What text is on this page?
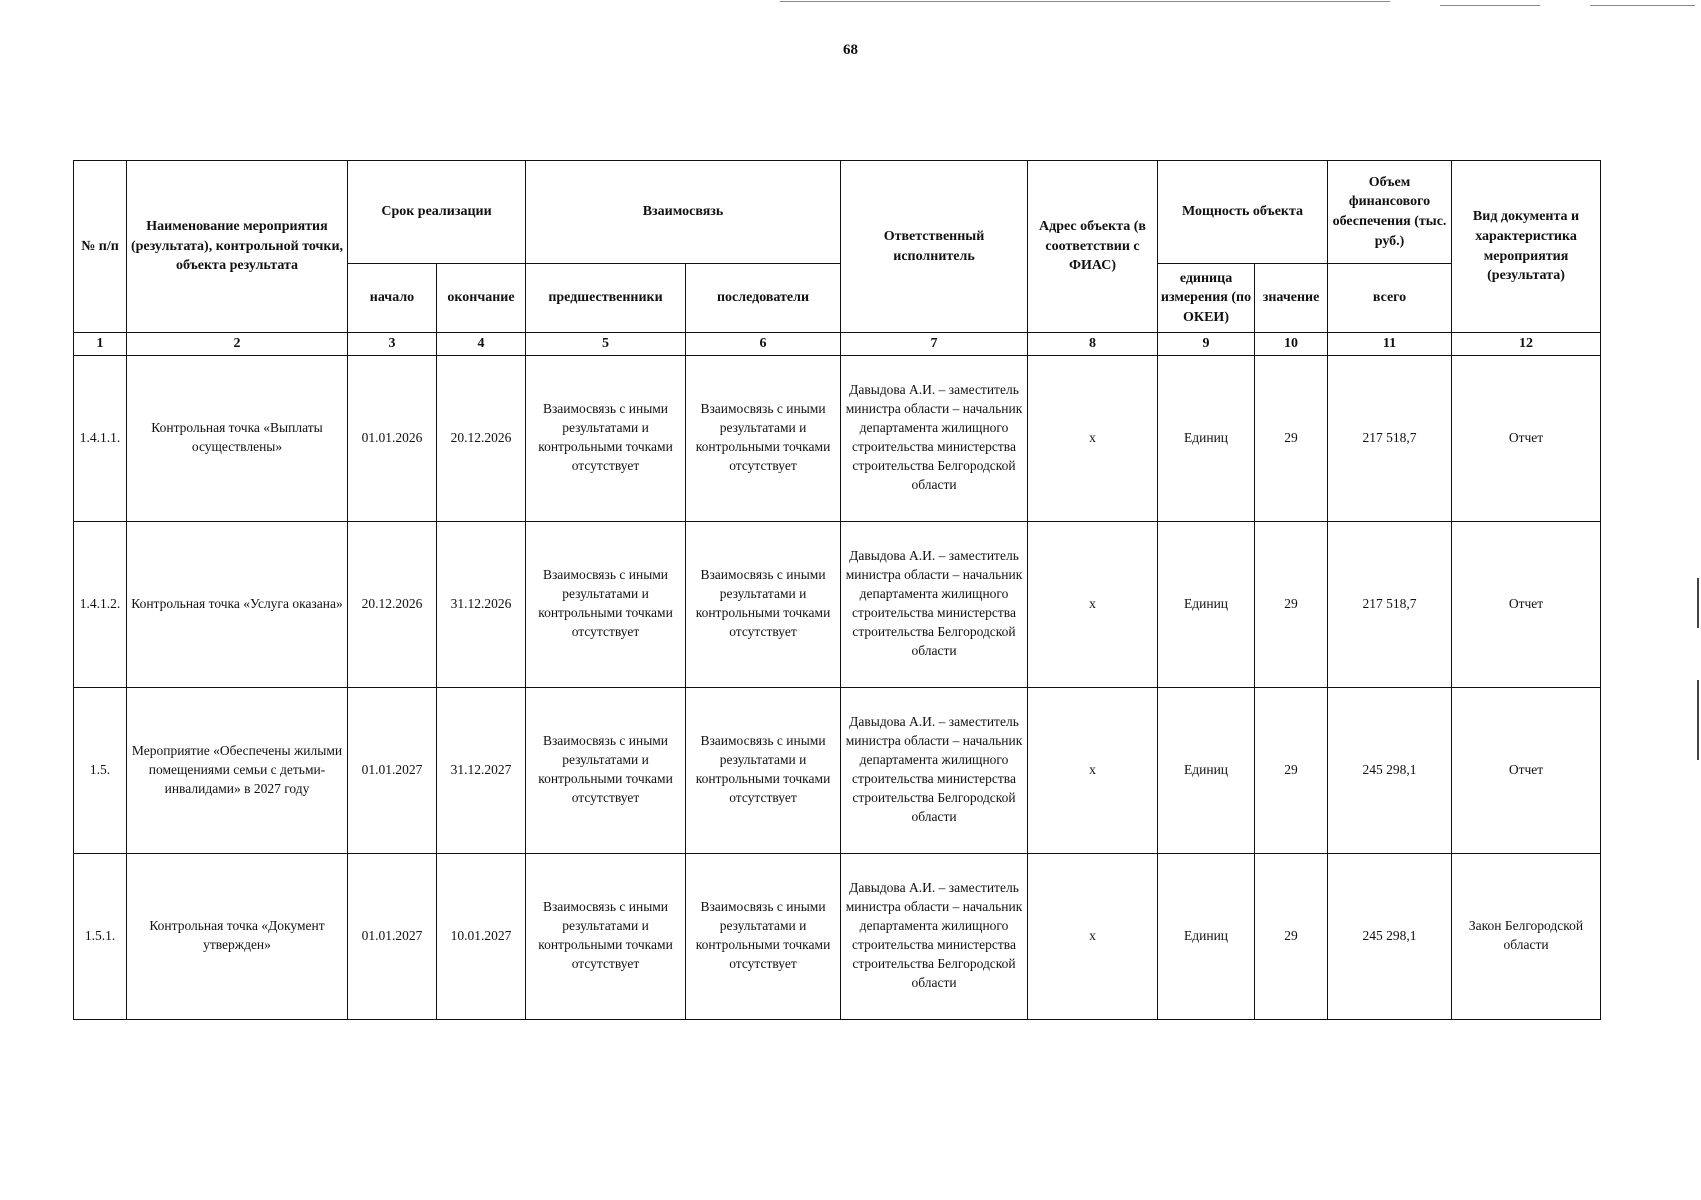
68
№ п/п	Наименование мероприятия (результата), контрольной точки, объекта результата	Срок реализации		Взаимосвязь		Ответственный исполнитель	Адрес объекта (в соответствии с ФИАС)	Мощность объекта		Объем финансового обеспечения (тыс. руб.)	Вид документа и характеристика мероприятия (результата)
		начало	окончание	предшественники	последователи			единица измерения (по ОКЕИ)	значение	всего	
1	2	3	4	5	6	7	8	9	10	11	12
1.4.1.1.	Контрольная точка «Выплаты осуществлены»	01.01.2026	20.12.2026	Взаимосвязь с иными результатами и контрольными точками отсутствует	Взаимосвязь с иными результатами и контрольными точками отсутствует	Давыдова А.И. – заместитель министра области – начальник департамента жилищного строительства министерства строительства Белгородской области	х	Единиц	29	217 518,7	Отчет
1.4.1.2.	Контрольная точка «Услуга оказана»	20.12.2026	31.12.2026	Взаимосвязь с иными результатами и контрольными точками отсутствует	Взаимосвязь с иными результатами и контрольными точками отсутствует	Давыдова А.И. – заместитель министра области – начальник департамента жилищного строительства министерства строительства Белгородской области	х	Единиц	29	217 518,7	Отчет
1.5.	Мероприятие «Обеспечены жилыми помещениями семьи с детьми-инвалидами» в 2027 году	01.01.2027	31.12.2027	Взаимосвязь с иными результатами и контрольными точками отсутствует	Взаимосвязь с иными результатами и контрольными точками отсутствует	Давыдова А.И. – заместитель министра области – начальник департамента жилищного строительства министерства строительства Белгородской области	х	Единиц	29	245 298,1	Отчет
1.5.1.	Контрольная точка «Документ утвержден»	01.01.2027	10.01.2027	Взаимосвязь с иными результатами и контрольными точками отсутствует	Взаимосвязь с иными результатами и контрольными точками отсутствует	Давыдова А.И. – заместитель министра области – начальник департамента жилищного строительства министерства строительства Белгородской области	х	Единиц	29	245 298,1	Закон Белгородской области
